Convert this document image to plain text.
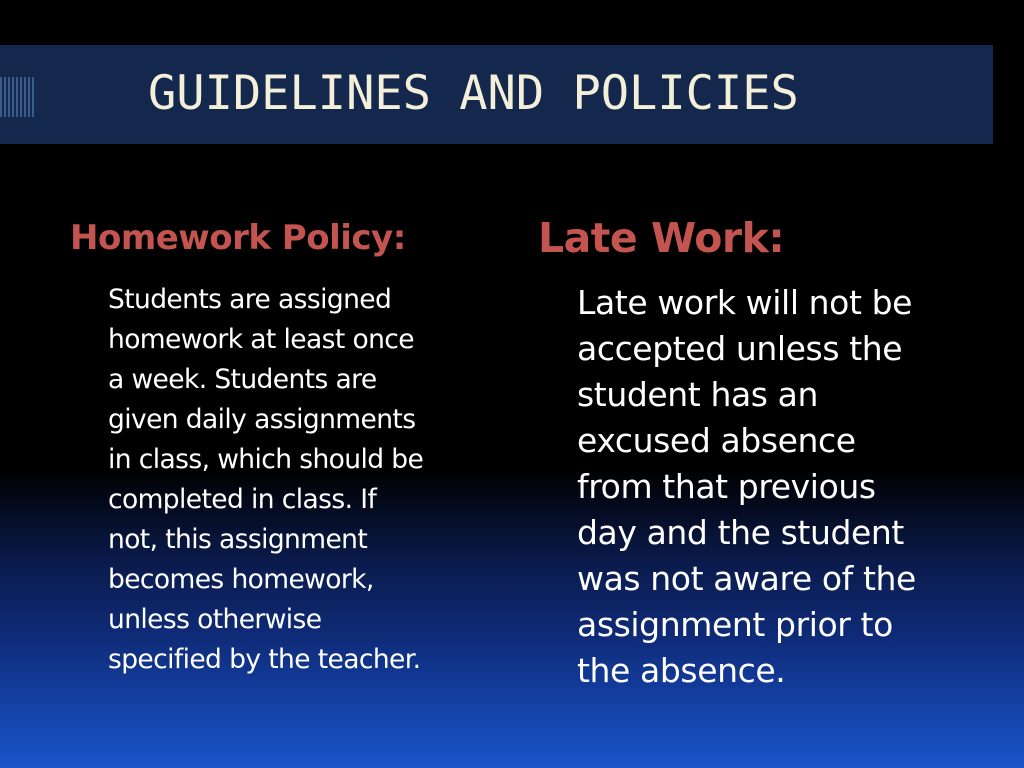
GUIDELINES AND POLICIES
Homework Policy:
Students are assigned
homework at least once
a week. Students are
given daily assignments
in class, which should be
completed in class. If
not, this assignment
becomes homework,
unless otherwise
specified by the teacher.
Late Work:
Late work will not be
accepted unless the
student has an
excused absence
from that previous
day and the student
was not aware of the
assignment prior to
the absence.
